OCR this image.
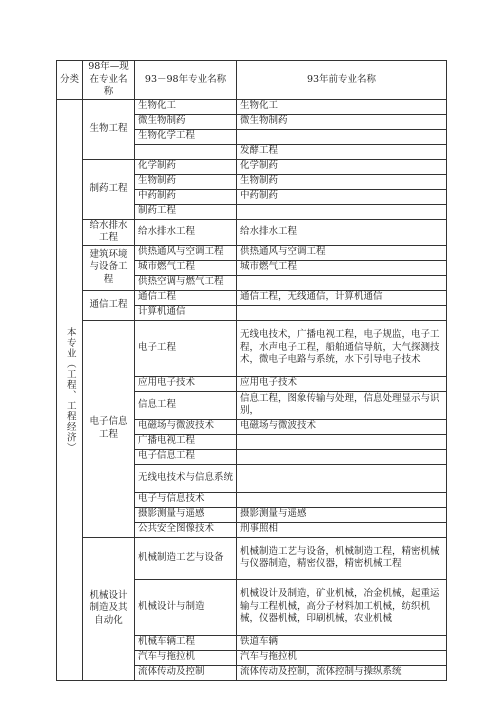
分类	98年—现在专业名称	93－98年专业名称	93年前专业名称
本专业（工程、工程经济）	生物工程	生物化工	生物化工
		微生物制药	微生物制药
		生物化学工程	
			发酵工程
	制药工程	化学制药	化学制药
		生物制药	生物制药
		中药制药	中药制药
		制药工程	
	给水排水工程	给水排水工程	给水排水工程
	建筑环境与设备工程	供热通风与空调工程	供热通风与空调工程
		城市燃气工程	城市燃气工程
		供热空调与燃气工程	
	通信工程	通信工程	通信工程，无线通信，计算机通信
		计算机通信	
	电子信息工程	电子工程	无线电技术，广播电视工程，电子规监，电子工程，水声电子工程，船舶通信导航，大气探测技术，微电子电路与系统，水下引导电子技术
		应用电子技术	应用电子技术
		信息工程	信息工程，图象传输与处理，信息处理显示与识别，
		电磁场与微波技术	电磁场与微波技术
		广播电视工程	
		电子信息工程	
		无线电技术与信息系统	
		电子与信息技术	
		摄影测量与遥感	摄影测量与遥感
		公共安全图像技术	刑事照相
	机械设计制造及其自动化	机械制造工艺与设备	机械制造工艺与设备，机械制造工程，精密机械与仪器制造，精密仪器，精密机械工程
		机械设计与制造	机械设计及制造，矿业机械，冶金机械，起重运输与工程机械，高分子材料加工机械，纺织机械，仪器机械，印刷机械，农业机械
		机械车辆工程	铁道车辆
		汽车与拖拉机	汽车与拖拉机
		流体传动及控制	流体传动及控制，流体控制与操纵系统
